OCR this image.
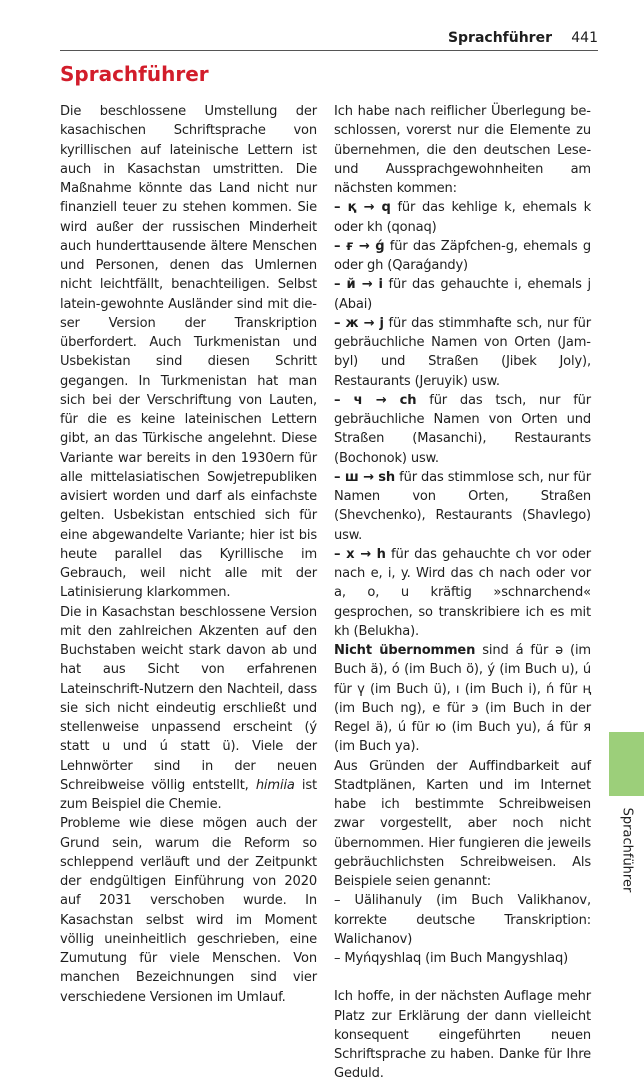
Sprachführer 441
Sprachführer

Die beschlossene Umstellung der kasachischen Schriftsprache von kyrillischen auf lateinische Lettern ist auch in Kasachstan umstritten. Die Maßnahme könnte das Land nicht nur finanziell teuer zu stehen kommen. Sie wird außer der russischen Minderheit auch hunderttausende ältere Menschen und Personen, denen das Umlernen nicht leichtfällt, benachteiligen. Selbst latein-gewohnte Ausländer sind mit dieser Version der Transkription überfordert. Auch Turkmenistan und Usbekistan sind diesen Schritt gegangen. In Turkmenistan hat man sich bei der Verschriftung von Lauten, für die es keine lateinischen Lettern gibt, an das Türkische angelehnt. Diese Variante war bereits in den 1930ern für alle mittelasiatischen Sowjetrepubliken avisiert worden und darf als einfachste gelten. Usbekistan entschied sich für eine abgewandelte Variante; hier ist bis heute parallel das Kyrillische im Gebrauch, weil nicht alle mit der Latinisierung klarkommen.

Die in Kasachstan beschlossene Version mit den zahlreichen Akzenten auf den Buchstaben weicht stark davon ab und hat aus Sicht von erfahrenen Lateinschrift-Nutzern den Nachteil, dass sie sich nicht eindeutig erschließt und stellenweise unpassend erscheint (ý statt u und ú statt ü). Viele der Lehnwörter sind in der neuen Schreibweise völlig entstellt, himiia ist zum Beispiel die Chemie.

Probleme wie diese mögen auch der Grund sein, warum die Reform so schleppend verläuft und der Zeitpunkt der endgültigen Einführung von 2020 auf 2031 verschoben wurde. In Kasachstan selbst wird im Moment völlig uneinheitlich geschrieben, eine Zumutung für viele Menschen. Von manchen Bezeichnungen sind vier verschiedene Versionen im Umlauf.

Ich habe nach reiflicher Überlegung beschlossen, vorerst nur die Elemente zu übernehmen, die den deutschen Lese- und Aussprachgewohnheiten am nächsten kommen:

– қ → q für das kehlige k, ehemals k oder kh (qonaq)

– ғ → ǵ für das Zäpfchen-g, ehemals g oder gh (Qaraǵandy)

– й → i für das gehauchte i, ehemals j (Abai)

– ж → j für das stimmhafte sch, nur für gebräuchliche Namen von Orten (Jambyl) und Straßen (Jibek Joly), Restaurants (Jeruyik) usw.

– ч → ch für das tsch, nur für gebräuchliche Namen von Orten und Straßen (Masanchi), Restaurants (Bochonok) usw.

– ш → sh für das stimmlose sch, nur für Namen von Orten, Straßen (Shevchenko), Restaurants (Shavlego) usw.

– х → h für das gehauchte ch vor oder nach e, i, y. Wird das ch nach oder vor a, o, u kräftig »schnarchend« gesprochen, so transkribiere ich es mit kh (Belukha).

Nicht übernommen sind á für ә (im Buch ä), ó (im Buch ö), ý (im Buch u), ú für ү (im Buch ü), ı (im Buch i), ń für ң (im Buch ng), e für э (im Buch in der Regel ä), ú für ю (im Buch yu), á für я (im Buch ya).

Aus Gründen der Auffindbarkeit auf Stadtplänen, Karten und im Internet habe ich bestimmte Schreibweisen zwar vorgestellt, aber noch nicht übernommen. Hier fungieren die jeweils gebräuchlichsten Schreibweisen. Als Beispiele seien genannt:

– Uälihanuly (im Buch Valikhanov, korrekte deutsche Transkription: Walichanov)

– Myńqyshlaq (im Buch Mangyshlaq)

Ich hoffe, in der nächsten Auflage mehr Platz zur Erklärung der dann vielleicht konsequent eingeführten neuen Schriftsprache zu haben. Danke für Ihre Geduld.

Sprachführer
